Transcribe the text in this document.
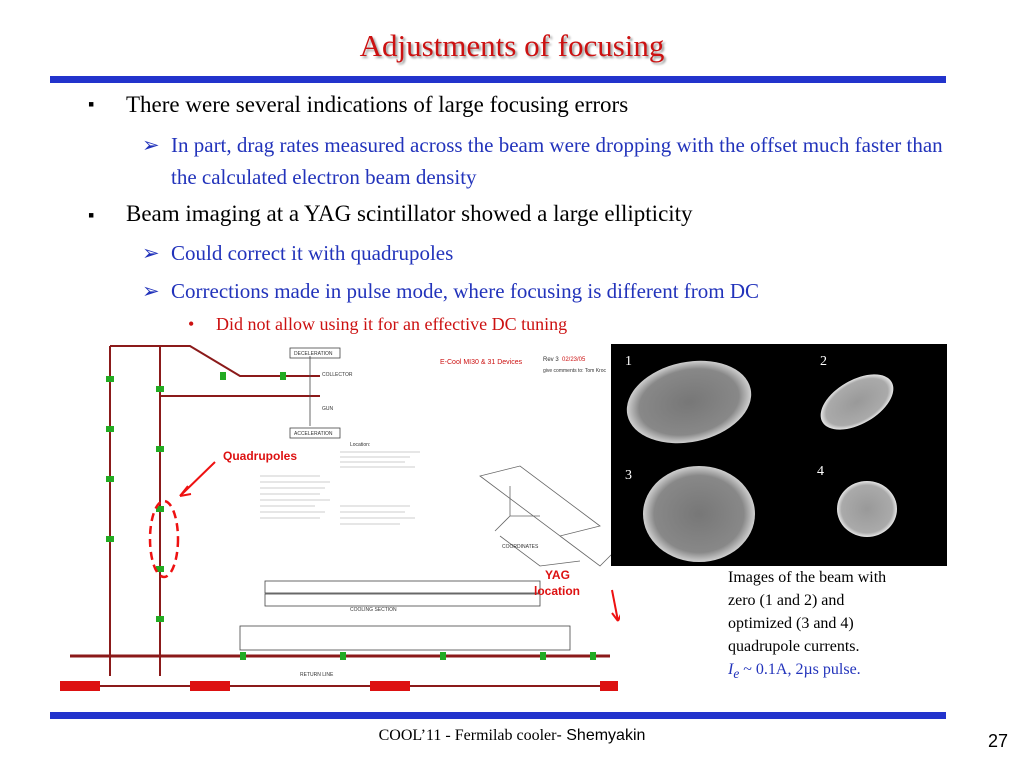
Adjustments of focusing
▪ There were several indications of large focusing errors
➢ In part, drag rates measured across the beam were dropping with the offset much faster than the calculated electron beam density
▪ Beam imaging at a YAG scintillator showed a large ellipticity
➢ Could correct it with quadrupoles
➢ Corrections made in pulse mode, where focusing is different from DC
• Did not allow using it for an effective DC tuning
E-Cool MI30 & 31 Devices	Rev 3 02/23/05
give comments to: Tom Kroc
Quadrupoles
YAG
location
COORDINATES
DECELERATION
ACCELERATION
COLLECTOR
GUN
COOLING SECTION
RETURN LINE
Location:
1	2
3	4
Images of the beam with
zero (1 and 2) and
optimized (3 and 4)
quadrupole currents.
$I_e$ ~ 0.1A, 2µs pulse.
COOL’11 - Fermilab cooler- Shemyakin	27
